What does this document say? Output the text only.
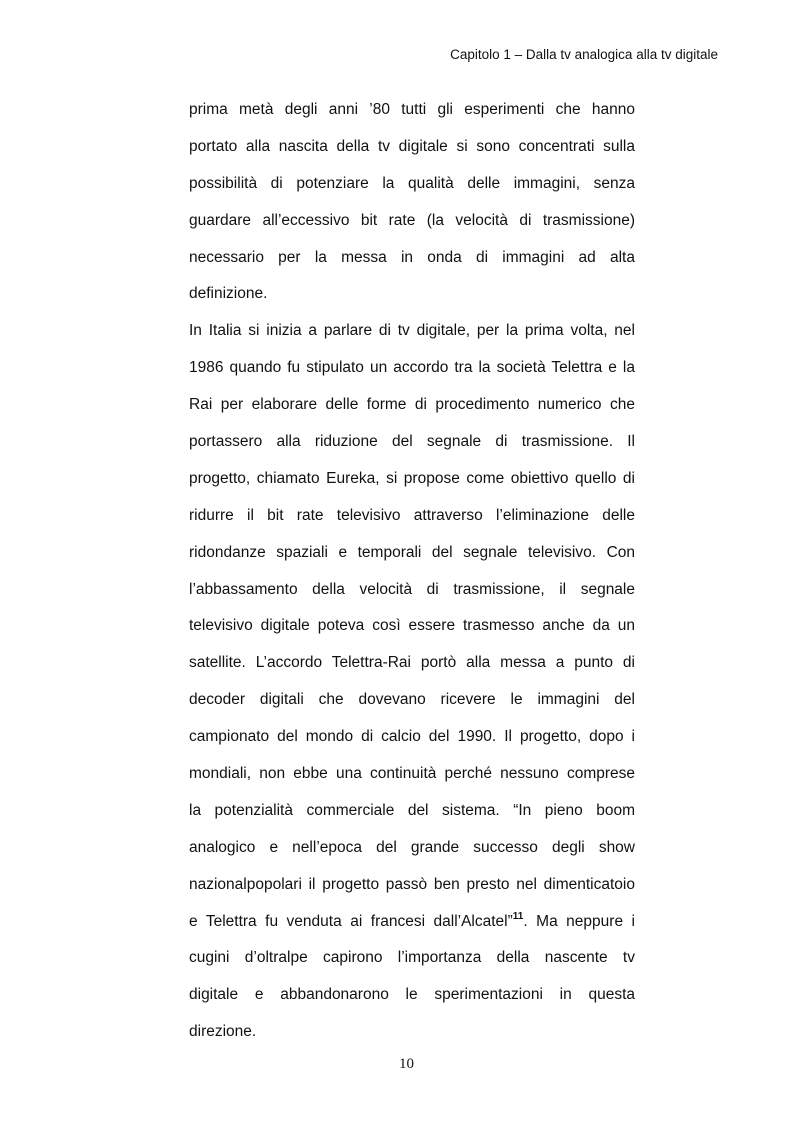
Capitolo 1 – Dalla tv analogica alla tv digitale
prima metà degli anni ’80 tutti gli esperimenti che hanno
portato alla nascita della tv digitale si sono concentrati sulla
possibilità di potenziare la qualità delle immagini, senza
guardare all’eccessivo bit rate (la velocità di trasmissione)
necessario per la messa in onda di immagini ad alta
definizione.
In Italia si inizia a parlare di tv digitale, per la prima volta, nel
1986 quando fu stipulato un accordo tra la società Telettra e la
Rai per elaborare delle forme di procedimento numerico che
portassero alla riduzione del segnale di trasmissione. Il
progetto, chiamato Eureka, si propose come obiettivo quello di
ridurre il bit rate televisivo attraverso l’eliminazione delle
ridondanze spaziali e temporali del segnale televisivo. Con
l’abbassamento della velocità di trasmissione, il segnale
televisivo digitale poteva così essere trasmesso anche da un
satellite. L’accordo Telettra-Rai portò alla messa a punto di
decoder digitali che dovevano ricevere le immagini del
campionato del mondo di calcio del 1990. Il progetto, dopo i
mondiali, non ebbe una continuità perché nessuno comprese
la potenzialità commerciale del sistema. “In pieno boom
analogico e nell’epoca del grande successo degli show
nazionalpopolari il progetto passò ben presto nel dimenticatoio
e Telettra fu venduta ai francesi dall’Alcatel”$^{11}$. Ma neppure i
cugini d’oltralpe capirono l’importanza della nascente tv
digitale e abbandonarono le sperimentazioni in questa
direzione.
10
